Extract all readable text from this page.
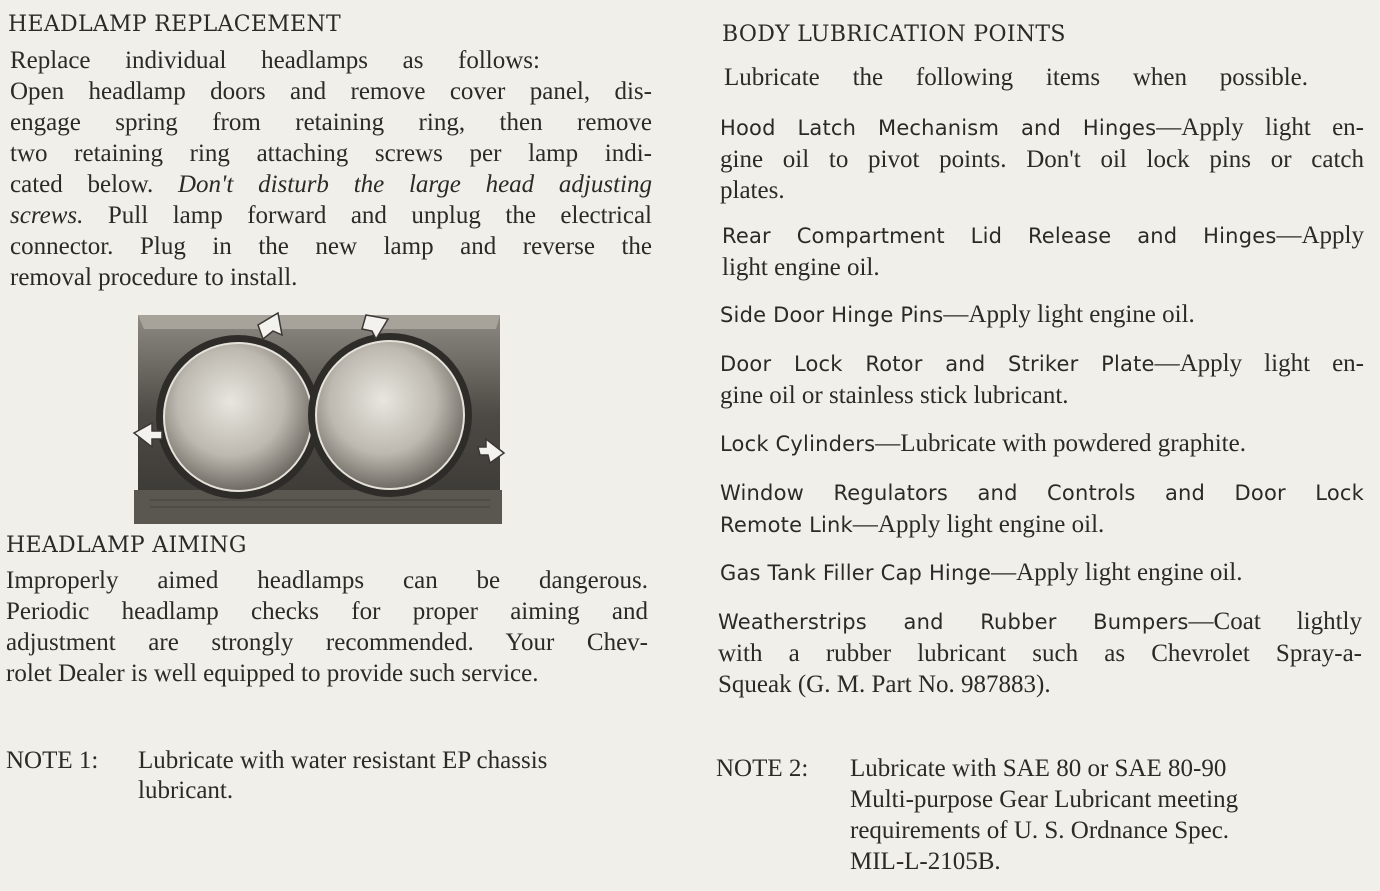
HEADLAMP REPLACEMENT
Replace individual headlamps as follows:
Open headlamp doors and remove cover panel, dis-
engage spring from retaining ring, then remove
two retaining ring attaching screws per lamp indi-
cated below. Don't disturb the large head adjusting
screws. Pull lamp forward and unplug the electrical
connector. Plug in the new lamp and reverse the
removal procedure to install.
HEADLAMP AIMING
Improperly aimed headlamps can be dangerous.
Periodic headlamp checks for proper aiming and
adjustment are strongly recommended. Your Chev-
rolet Dealer is well equipped to provide such service.
NOTE 1: Lubricate with water resistant EP chassis
lubricant.
BODY LUBRICATION POINTS
Lubricate the following items when possible.
Hood Latch Mechanism and Hinges—Apply light en-
gine oil to pivot points. Don't oil lock pins or catch
plates.
Rear Compartment Lid Release and Hinges—Apply
light engine oil.
Side Door Hinge Pins—Apply light engine oil.
Door Lock Rotor and Striker Plate—Apply light en-
gine oil or stainless stick lubricant.
Lock Cylinders—Lubricate with powdered graphite.
Window Regulators and Controls and Door Lock
Remote Link—Apply light engine oil.
Gas Tank Filler Cap Hinge—Apply light engine oil.
Weatherstrips and Rubber Bumpers—Coat lightly
with a rubber lubricant such as Chevrolet Spray-a-
Squeak (G. M. Part No. 987883).
NOTE 2: Lubricate with SAE 80 or SAE 80-90
Multi-purpose Gear Lubricant meeting
requirements of U. S. Ordnance Spec.
MIL-L-2105B.
